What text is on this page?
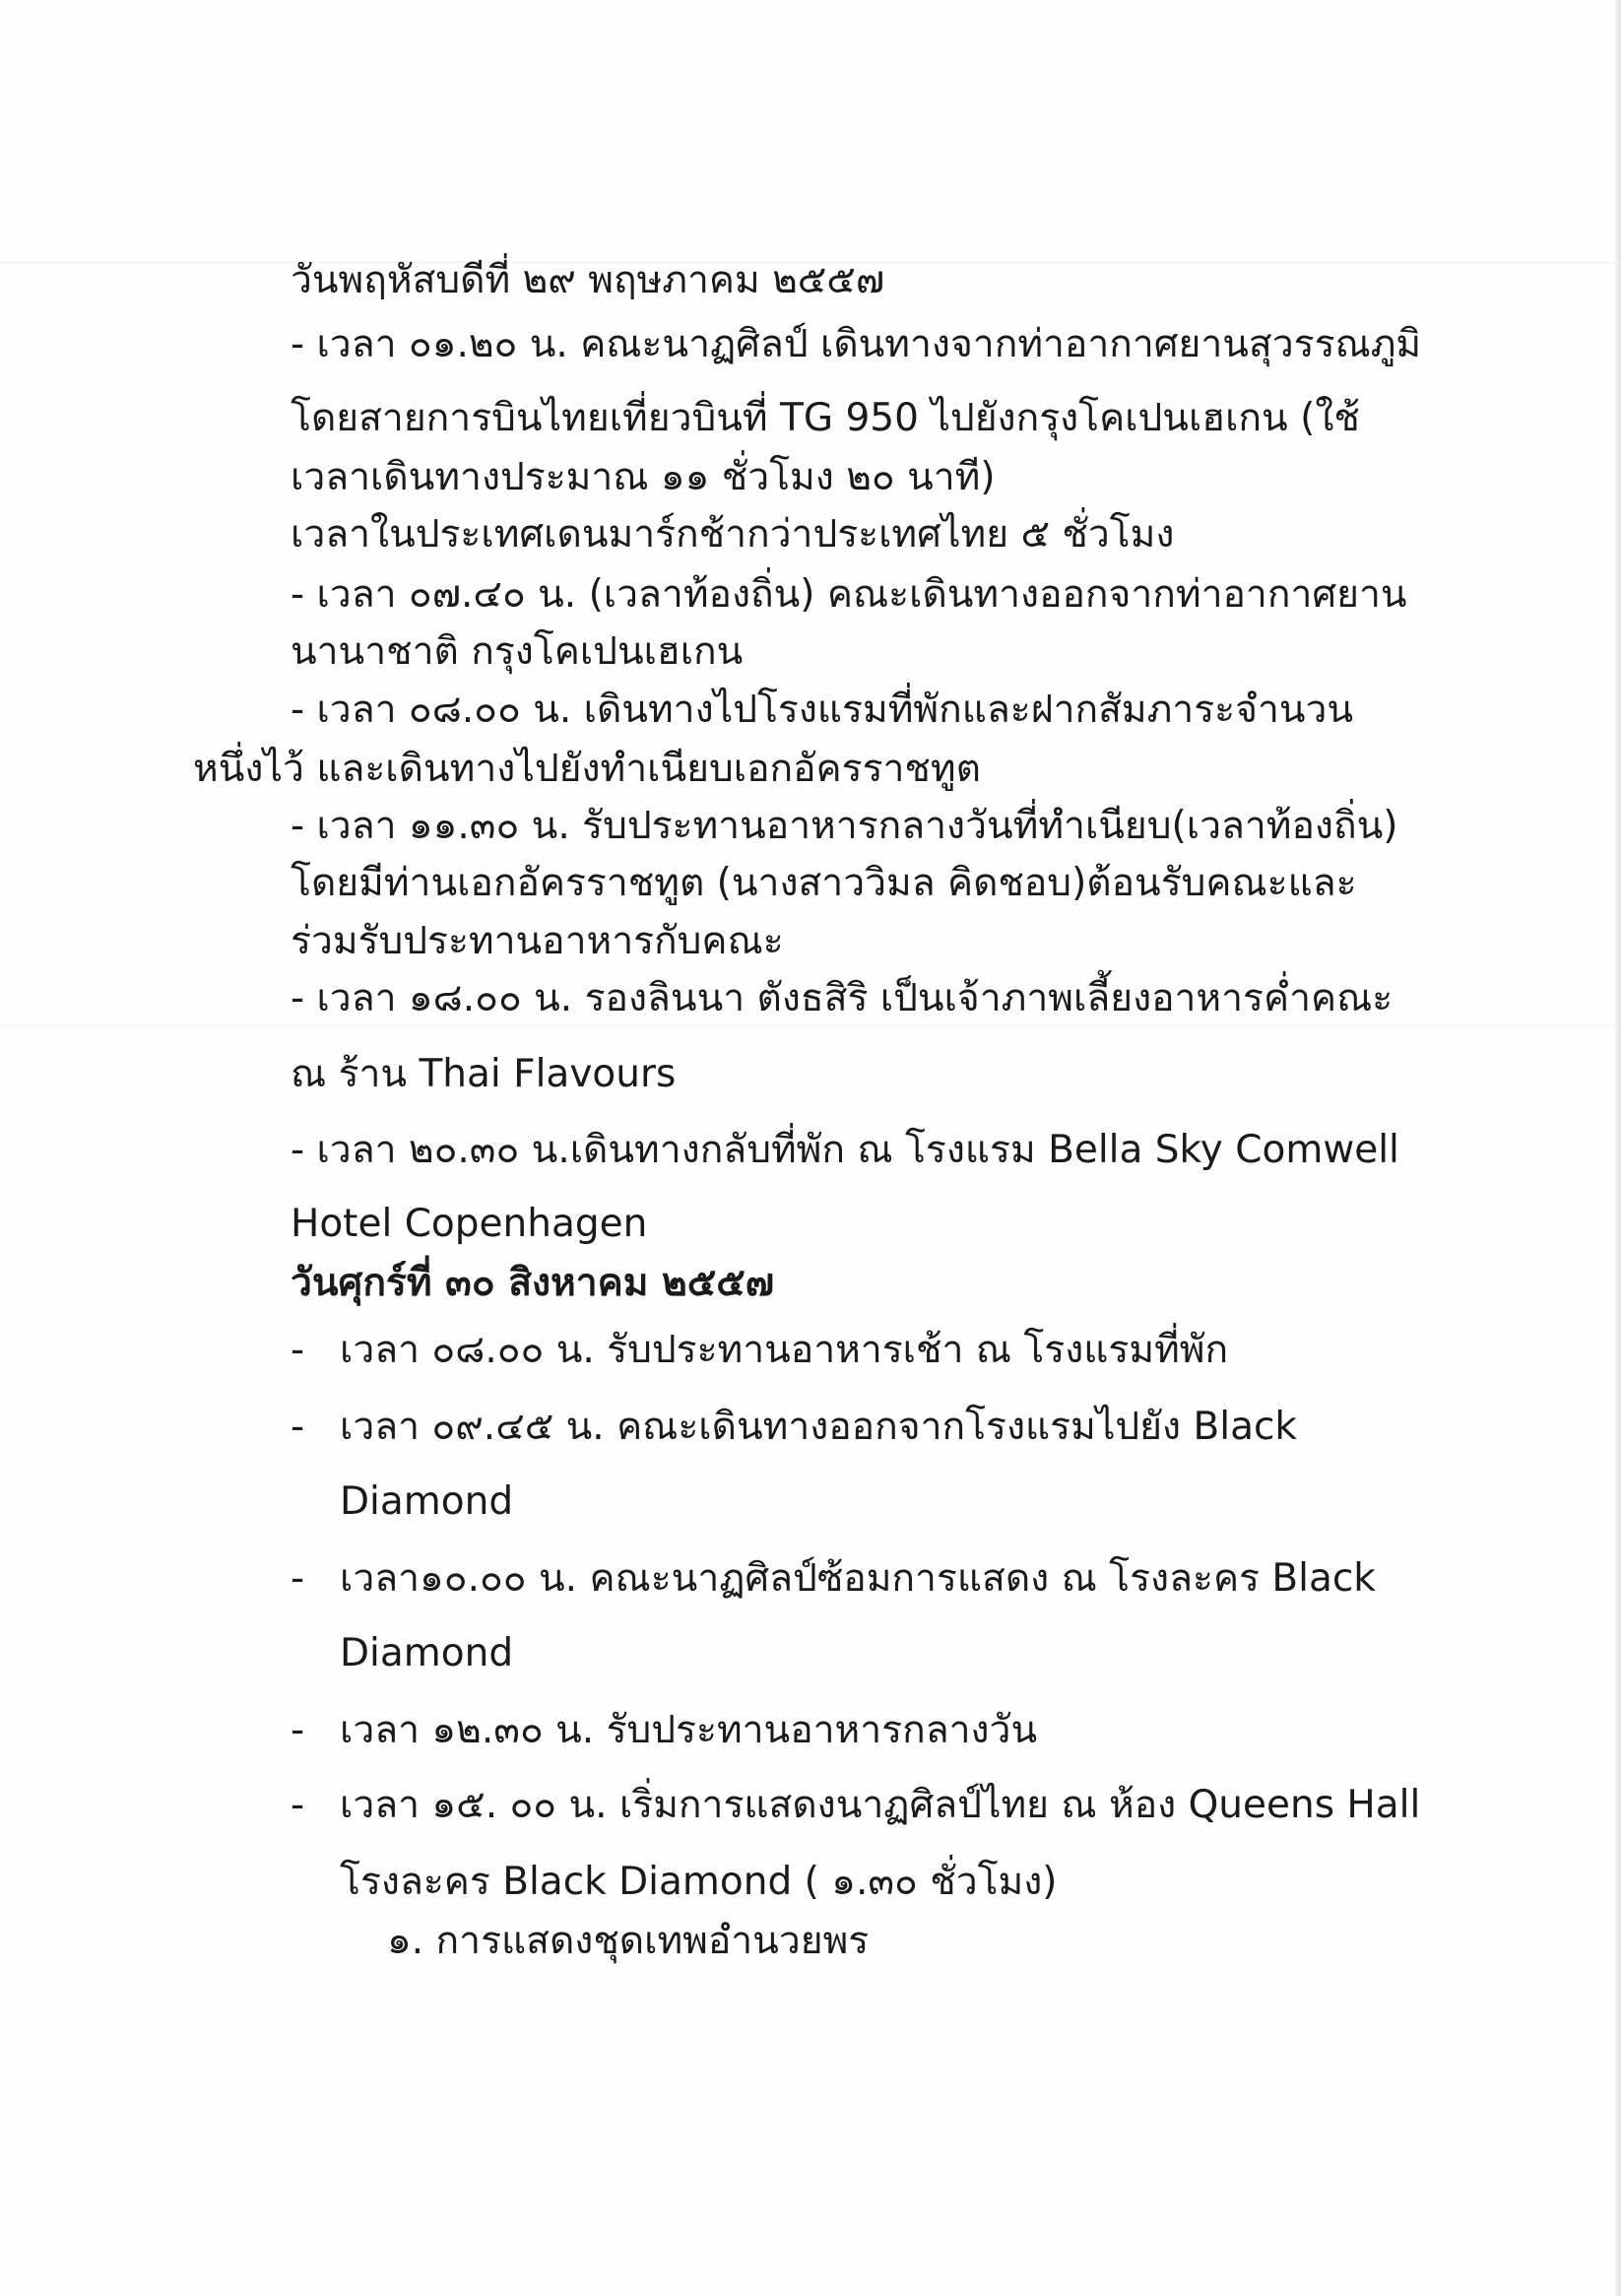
วันพฤหัสบดีที่ ๒๙ พฤษภาคม ๒๕๕๗

- เวลา ๐๑.๒๐ น. คณะนาฏศิลป์ เดินทางจากท่าอากาศยานสุวรรณภูมิ

โดยสายการบินไทยเที่ยวบินที่ TG 950 ไปยังกรุงโคเปนเฮเกน (ใช้

เวลาเดินทางประมาณ ๑๑ ชั่วโมง ๒๐ นาที)

เวลาในประเทศเดนมาร์กช้ากว่าประเทศไทย ๕ ชั่วโมง

- เวลา ๐๗.๔๐ น. (เวลาท้องถิ่น) คณะเดินทางออกจากท่าอากาศยาน

นานาชาติ กรุงโคเปนเฮเกน

- เวลา ๐๘.๐๐ น. เดินทางไปโรงแรมที่พักและฝากสัมภาระจำนวน

หนึ่งไว้ และเดินทางไปยังทำเนียบเอกอัครราชทูต

- เวลา ๑๑.๓๐ น. รับประทานอาหารกลางวันที่ทำเนียบ(เวลาท้องถิ่น)

โดยมีท่านเอกอัครราชทูต (นางสาววิมล คิดชอบ)ต้อนรับคณะและ

ร่วมรับประทานอาหารกับคณะ

- เวลา ๑๘.๐๐ น. รองลินนา ตังธสิริ เป็นเจ้าภาพเลี้ยงอาหารค่ำคณะ

ณ ร้าน Thai Flavours

- เวลา ๒๐.๓๐ น.เดินทางกลับที่พัก ณ โรงแรม Bella Sky Comwell

Hotel Copenhagen

วันศุกร์ที่ ๓๐ สิงหาคม ๒๕๕๗

- เวลา ๐๘.๐๐ น. รับประทานอาหารเช้า ณ โรงแรมที่พัก

- เวลา ๐๙.๔๕ น. คณะเดินทางออกจากโรงแรมไปยัง Black

Diamond

- เวลา๑๐.๐๐ น. คณะนาฏศิลป์ซ้อมการแสดง ณ โรงละคร Black

Diamond

- เวลา ๑๒.๓๐ น. รับประทานอาหารกลางวัน

- เวลา ๑๕. ๐๐ น. เริ่มการแสดงนาฏศิลป์ไทย ณ ห้อง Queens Hall

โรงละคร Black Diamond ( ๑.๓๐ ชั่วโมง)

๑. การแสดงชุดเทพอำนวยพร
